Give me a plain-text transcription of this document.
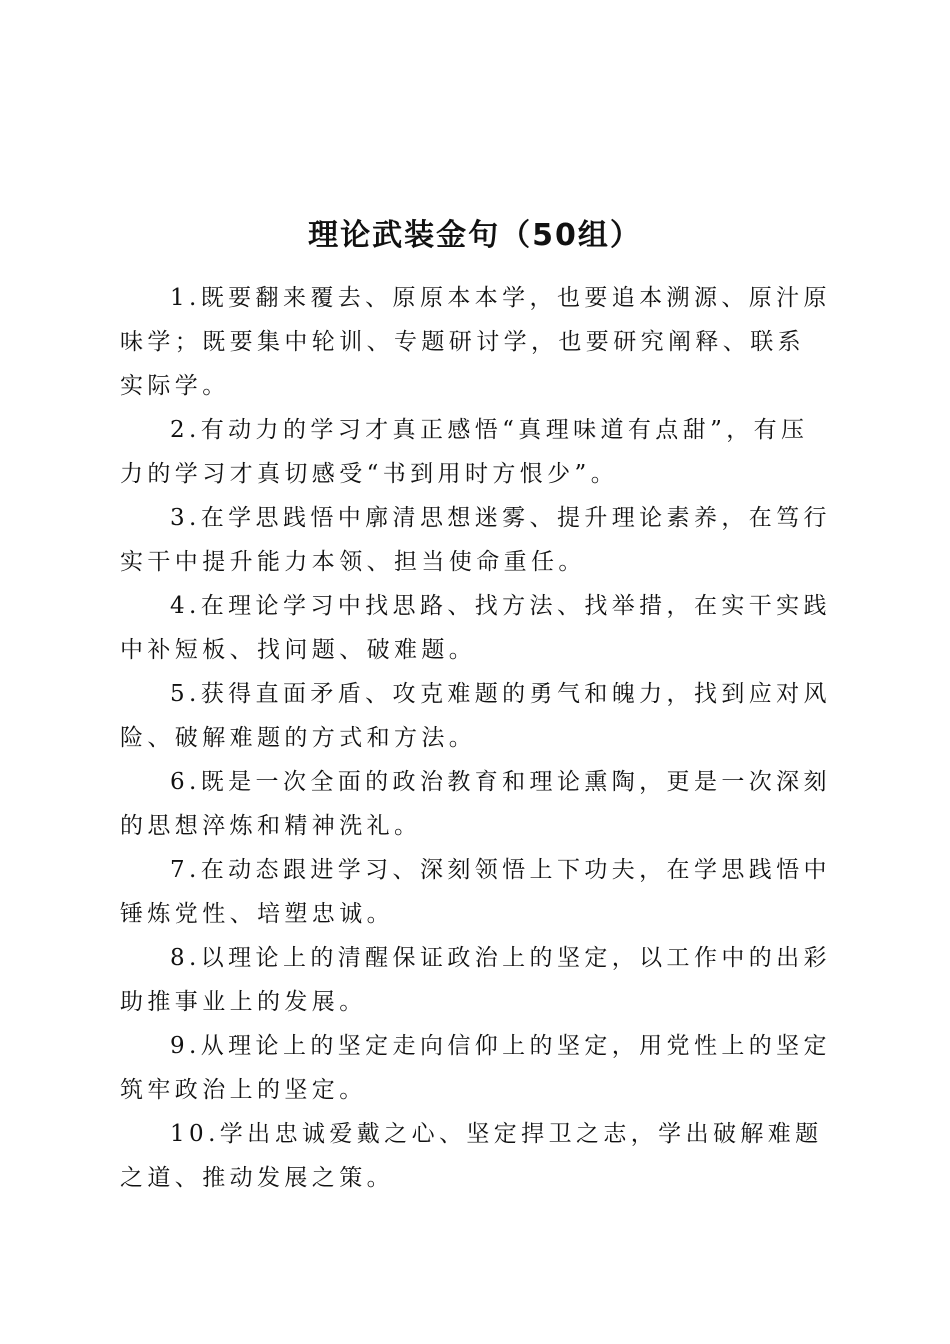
理论武装金句（50组）

1.既要翻来覆去、原原本本学，也要追本溯源、原汁原味学；既要集中轮训、专题研讨学，也要研究阐释、联系实际学。

2.有动力的学习才真正感悟“真理味道有点甜”，有压力的学习才真切感受“书到用时方恨少”。

3.在学思践悟中廓清思想迷雾、提升理论素养，在笃行实干中提升能力本领、担当使命重任。

4.在理论学习中找思路、找方法、找举措，在实干实践中补短板、找问题、破难题。

5.获得直面矛盾、攻克难题的勇气和魄力，找到应对风险、破解难题的方式和方法。

6.既是一次全面的政治教育和理论熏陶，更是一次深刻的思想淬炼和精神洗礼。

7.在动态跟进学习、深刻领悟上下功夫，在学思践悟中锤炼党性、培塑忠诚。

8.以理论上的清醒保证政治上的坚定，以工作中的出彩助推事业上的发展。

9.从理论上的坚定走向信仰上的坚定，用党性上的坚定筑牢政治上的坚定。

10.学出忠诚爱戴之心、坚定捍卫之志，学出破解难题之道、推动发展之策。
